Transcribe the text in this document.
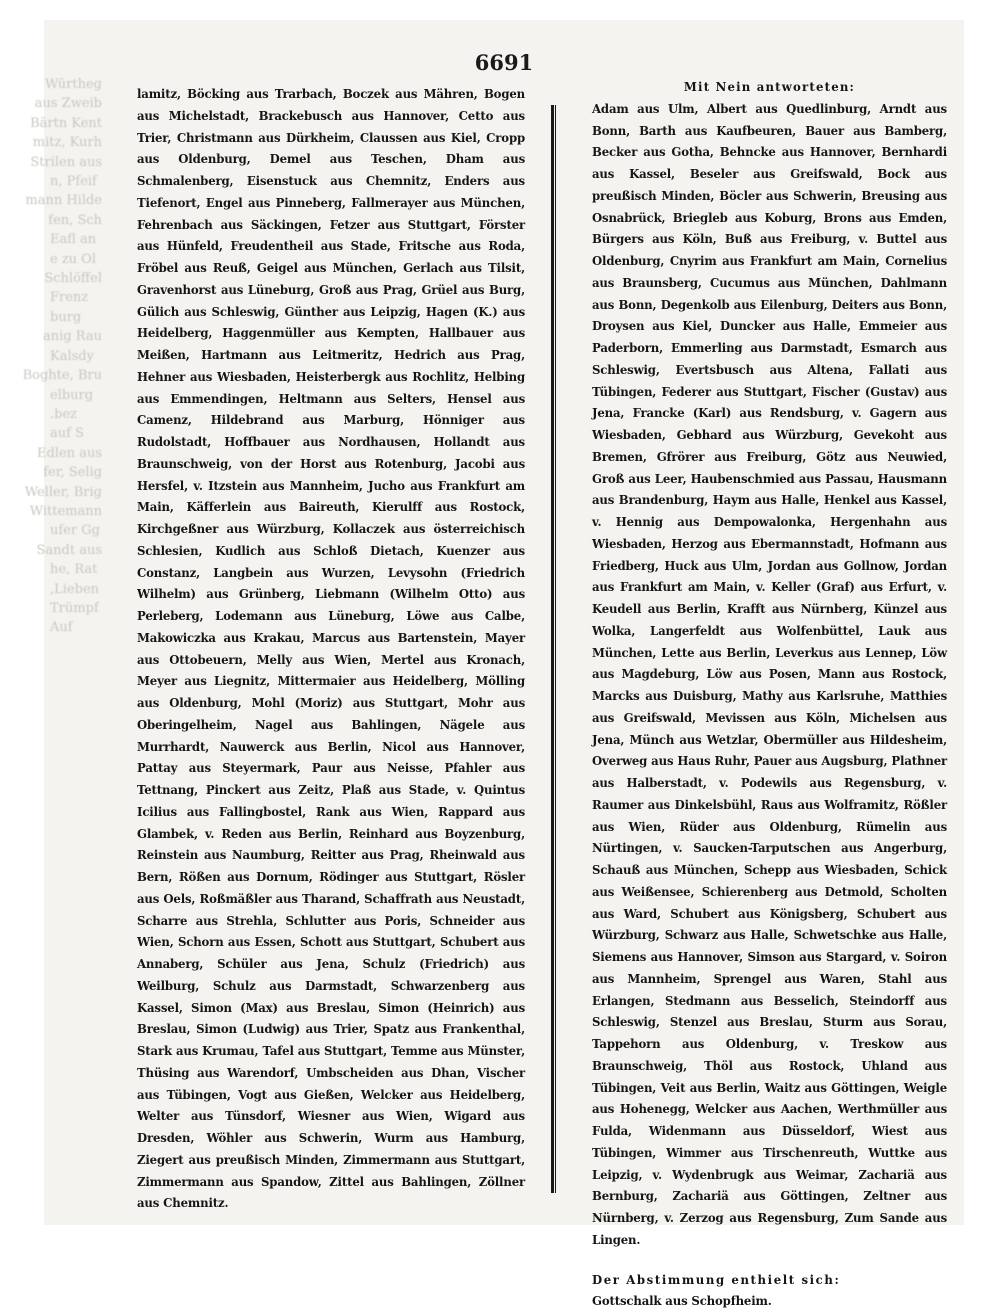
Würtheg
aus Zweib
Bärtn Kent
mitz, Kurh
Strilen aus
n, Pfeif
mann Hilde
fen, Sch
Eafl an
e zu Ol
Schlöffel
Frenz
burg
anig Rau
Kalsdy
Boghte, Bru
elburg
bez.
auf S
Edlen aus
fer, Selig
Weller, Brig
Wittemann
ufer Gg
Sandt aus
he, Rat
Lieben,
Trümpf
Auf
6691
lamitz, Böcking aus Trarbach, Boczek aus Mähren, Bogen aus Michelstadt, Brackebusch aus Hannover, Cetto aus Trier, Christmann aus Dürkheim, Claussen aus Kiel, Cropp aus Oldenburg, Demel aus Teschen, Dham aus Schmalenberg, Eisenstuck aus Chemnitz, Enders aus Tiefenort, Engel aus Pinneberg, Fallmerayer aus München, Fehrenbach aus Säckingen, Fetzer aus Stuttgart, Förster aus Hünfeld, Freudentheil aus Stade, Fritsche aus Roda, Fröbel aus Reuß, Geigel aus München, Gerlach aus Tilsit, Gravenhorst aus Lüneburg, Groß aus Prag, Grüel aus Burg, Gülich aus Schleswig, Günther aus Leipzig, Hagen (K.) aus Heidelberg, Haggenmüller aus Kempten, Hallbauer aus Meißen, Hartmann aus Leitmeritz, Hedrich aus Prag, Hehner aus Wiesbaden, Heisterbergk aus Rochlitz, Helbing aus Emmendingen, Heltmann aus Selters, Hensel aus Camenz, Hildebrand aus Marburg, Hönniger aus Rudolstadt, Hoffbauer aus Nordhausen, Hollandt aus Braunschweig, von der Horst aus Rotenburg, Jacobi aus Hersfel, v. Itzstein aus Mannheim, Jucho aus Frankfurt am Main, Käfferlein aus Baireuth, Kierulff aus Rostock, Kirchgeßner aus Würzburg, Kollaczek aus österreichisch Schlesien, Kudlich aus Schloß Dietach, Kuenzer aus Constanz, Langbein aus Wurzen, Levysohn (Friedrich Wilhelm) aus Grünberg, Liebmann (Wilhelm Otto) aus Perleberg, Lodemann aus Lüneburg, Löwe aus Calbe, Makowiczka aus Krakau, Marcus aus Bartenstein, Mayer aus Ottobeuern, Melly aus Wien, Mertel aus Kronach, Meyer aus Liegnitz, Mittermaier aus Heidelberg, Mölling aus Oldenburg, Mohl (Moriz) aus Stuttgart, Mohr aus Oberingelheim, Nagel aus Bahlingen, Nägele aus Murrhardt, Nauwerck aus Berlin, Nicol aus Hannover, Pattay aus Steyermark, Paur aus Neisse, Pfahler aus Tettnang, Pinckert aus Zeitz, Plaß aus Stade, v. Quintus Icilius aus Fallingbostel, Rank aus Wien, Rappard aus Glambek, v. Reden aus Berlin, Reinhard aus Boyzenburg, Reinstein aus Naumburg, Reitter aus Prag, Rheinwald aus Bern, Rößen aus Dornum, Rödinger aus Stuttgart, Rösler aus Oels, Roßmäßler aus Tharand, Schaffrath aus Neustadt, Scharre aus Strehla, Schlutter aus Poris, Schneider aus Wien, Schorn aus Essen, Schott aus Stuttgart, Schubert aus Annaberg, Schüler aus Jena, Schulz (Friedrich) aus Weilburg, Schulz aus Darmstadt, Schwarzenberg aus Kassel, Simon (Max) aus Breslau, Simon (Heinrich) aus Breslau, Simon (Ludwig) aus Trier, Spatz aus Frankenthal, Stark aus Krumau, Tafel aus Stuttgart, Temme aus Münster, Thüsing aus Warendorf, Umbscheiden aus Dhan, Vischer aus Tübingen, Vogt aus Gießen, Welcker aus Heidelberg, Welter aus Tünsdorf, Wiesner aus Wien, Wigard aus Dresden, Wöhler aus Schwerin, Wurm aus Hamburg, Ziegert aus preußisch Minden, Zimmermann aus Stuttgart, Zimmermann aus Spandow, Zittel aus Bahlingen, Zöllner aus Chemnitz.
Mit Nein antworteten:
Adam aus Ulm, Albert aus Quedlinburg, Arndt aus Bonn, Barth aus Kaufbeuren, Bauer aus Bamberg, Becker aus Gotha, Behncke aus Hannover, Bernhardi aus Kassel, Beseler aus Greifswald, Bock aus preußisch Minden, Böcler aus Schwerin, Breusing aus Osnabrück, Briegleb aus Koburg, Brons aus Emden, Bürgers aus Köln, Buß aus Freiburg, v. Buttel aus Oldenburg, Cnyrim aus Frankfurt am Main, Cornelius aus Braunsberg, Cucumus aus München, Dahlmann aus Bonn, Degenkolb aus Eilenburg, Deiters aus Bonn, Droysen aus Kiel, Duncker aus Halle, Emmeier aus Paderborn, Emmerling aus Darmstadt, Esmarch aus Schleswig, Evertsbusch aus Altena, Fallati aus Tübingen, Federer aus Stuttgart, Fischer (Gustav) aus Jena, Francke (Karl) aus Rendsburg, v. Gagern aus Wiesbaden, Gebhard aus Würzburg, Gevekoht aus Bremen, Gfrörer aus Freiburg, Götz aus Neuwied, Groß aus Leer, Haubenschmied aus Passau, Hausmann aus Brandenburg, Haym aus Halle, Henkel aus Kassel, v. Hennig aus Dempowalonka, Hergenhahn aus Wiesbaden, Herzog aus Ebermannstadt, Hofmann aus Friedberg, Huck aus Ulm, Jordan aus Gollnow, Jordan aus Frankfurt am Main, v. Keller (Graf) aus Erfurt, v. Keudell aus Berlin, Krafft aus Nürnberg, Künzel aus Wolka, Langerfeldt aus Wolfenbüttel, Lauk aus München, Lette aus Berlin, Leverkus aus Lennep, Löw aus Magdeburg, Löw aus Posen, Mann aus Rostock, Marcks aus Duisburg, Mathy aus Karlsruhe, Matthies aus Greifswald, Mevissen aus Köln, Michelsen aus Jena, Münch aus Wetzlar, Obermüller aus Hildesheim, Overweg aus Haus Ruhr, Pauer aus Augsburg, Plathner aus Halberstadt, v. Podewils aus Regensburg, v. Raumer aus Dinkelsbühl, Raus aus Wolframitz, Rößler aus Wien, Rüder aus Oldenburg, Rümelin aus Nürtingen, v. Saucken-Tarputschen aus Angerburg, Schauß aus München, Schepp aus Wiesbaden, Schick aus Weißensee, Schierenberg aus Detmold, Scholten aus Ward, Schubert aus Königsberg, Schubert aus Würzburg, Schwarz aus Halle, Schwetschke aus Halle, Siemens aus Hannover, Simson aus Stargard, v. Soiron aus Mannheim, Sprengel aus Waren, Stahl aus Erlangen, Stedmann aus Besselich, Steindorff aus Schleswig, Stenzel aus Breslau, Sturm aus Sorau, Tappehorn aus Oldenburg, v. Treskow aus Braunschweig, Thöl aus Rostock, Uhland aus Tübingen, Veit aus Berlin, Waitz aus Göttingen, Weigle aus Hohenegg, Welcker aus Aachen, Werthmüller aus Fulda, Widenmann aus Düsseldorf, Wiest aus Tübingen, Wimmer aus Tirschenreuth, Wuttke aus Leipzig, v. Wydenbrugk aus Weimar, Zachariä aus Bernburg, Zachariä aus Göttingen, Zeltner aus Nürnberg, v. Zerzog aus Regensburg, Zum Sande aus Lingen.
Der Abstimmung enthielt sich:
Gottschalk aus Schopfheim.
